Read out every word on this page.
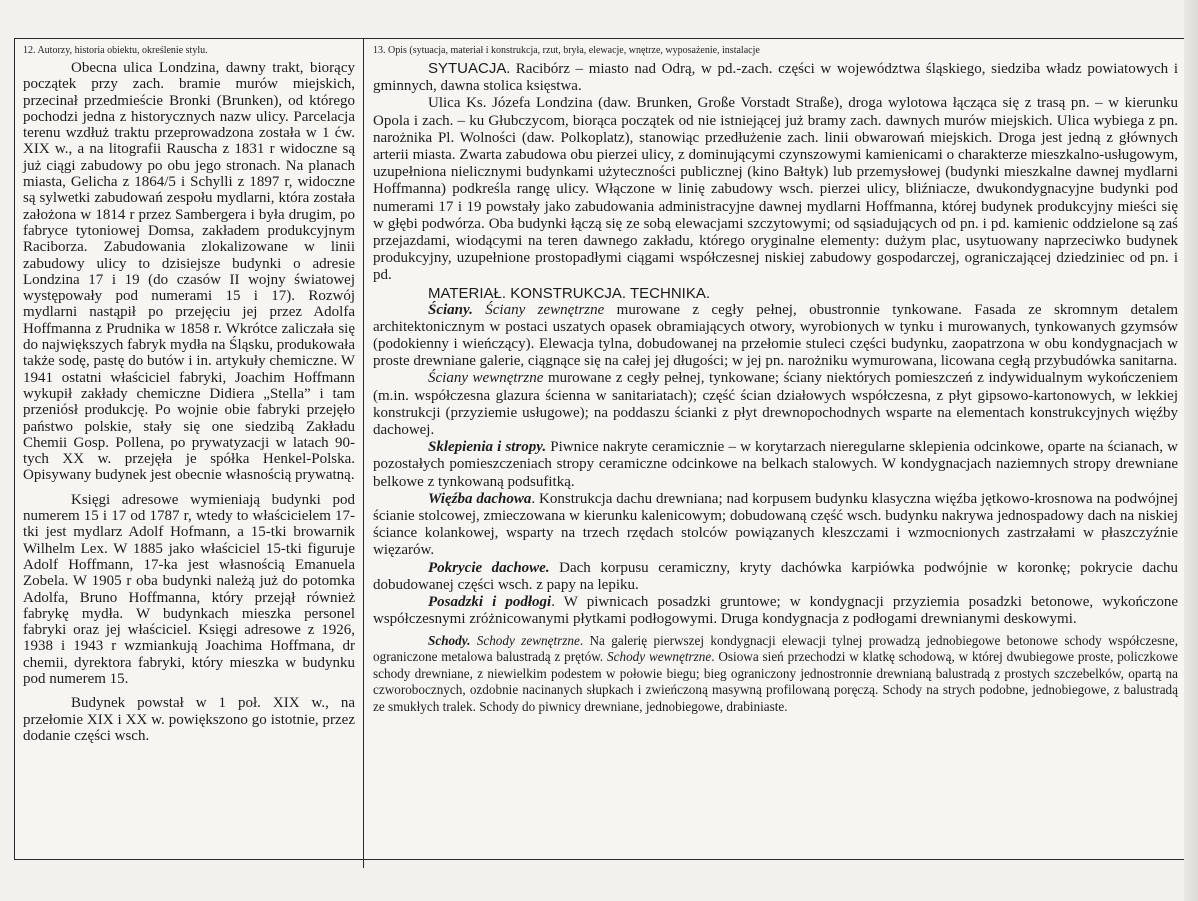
12. Autorzy, historia obiektu, określenie stylu.

Obecna ulica Londzina, dawny trakt, biorący początek przy zach. bramie murów miejskich, przecinał przedmieście Bronki (Brunken), od którego pochodzi jedna z historycznych nazw ulicy. Parcelacja terenu wzdłuż traktu przeprowadzona została w 1 ćw. XIX w., a na litografii Rauscha z 1831 r widoczne są już ciągi zabudowy po obu jego stronach. Na planach miasta, Gelicha z 1864/5 i Schylli z 1897 r, widoczne są sylwetki zabudowań zespołu mydlarni, która została założona w 1814 r przez Sambergera i była drugim, po fabryce tytoniowej Domsa, zakładem produkcyjnym Raciborza. Zabudowania zlokalizowane w linii zabudowy ulicy to dzisiejsze budynki o adresie Londzina 17 i 19 (do czasów II wojny światowej występowały pod numerami 15 i 17). Rozwój mydlarni nastąpił po przejęciu jej przez Adolfa Hoffmanna z Prudnika w 1858 r. Wkrótce zaliczała się do największych fabryk mydła na Śląsku, produkowała także sodę, pastę do butów i in. artykuły chemiczne. W 1941 ostatni właściciel fabryki, Joachim Hoffmann wykupił zakłady chemiczne Didiera „Stella” i tam przeniósł produkcję. Po wojnie obie fabryki przejęło państwo polskie, stały się one siedzibą Zakładu Chemii Gosp. Pollena, po prywatyzacji w latach 90-tych XX w. przejęła je spółka Henkel-Polska. Opisywany budynek jest obecnie własnością prywatną.

Księgi adresowe wymieniają budynki pod numerem 15 i 17 od 1787 r, wtedy to właścicielem 17-tki jest mydlarz Adolf Hofmann, a 15-tki browarnik Wilhelm Lex. W 1885 jako właściciel 15-tki figuruje Adolf Hoffmann, 17-ka jest własnością Emanuela Zobela. W 1905 r oba budynki należą już do potomka Adolfa, Bruno Hoffmanna, który przejął również fabrykę mydła. W budynkach mieszka personel fabryki oraz jej właściciel. Księgi adresowe z 1926, 1938 i 1943 r wzmiankują Joachima Hoffmana, dr chemii, dyrektora fabryki, który mieszka w budynku pod numerem 15.

Budynek powstał w 1 poł. XIX w., na przełomie XIX i XX w. powiększono go istotnie, przez dodanie części wsch.

13. Opis (sytuacja, materiał i konstrukcja, rzut, bryła, elewacje, wnętrze, wyposażenie, instalacje

SYTUACJA. Racibórz – miasto nad Odrą, w pd.-zach. części w województwa śląskiego, siedziba władz powiatowych i gminnych, dawna stolica księstwa.

Ulica Ks. Józefa Londzina (daw. Brunken, Große Vorstadt Straße), droga wylotowa łącząca się z trasą pn. – w kierunku Opola i zach. – ku Głubczycom, biorąca początek od nie istniejącej już bramy zach. dawnych murów miejskich. Ulica wybiega z pn. narożnika Pl. Wolności (daw. Polkoplatz), stanowiąc przedłużenie zach. linii obwarowań miejskich. Droga jest jedną z głównych arterii miasta. Zwarta zabudowa obu pierzei ulicy, z dominującymi czynszowymi kamienicami o charakterze mieszkalno-usługowym, uzupełniona nielicznymi budynkami użyteczności publicznej (kino Bałtyk) lub przemysłowej (budynki mieszkalne dawnej mydlarni Hoffmanna) podkreśla rangę ulicy. Włączone w linię zabudowy wsch. pierzei ulicy, bliźniacze, dwukondygnacyjne budynki pod numerami 17 i 19 powstały jako zabudowania administracyjne dawnej mydlarni Hoffmanna, której budynek produkcyjny mieści się w głębi podwórza. Oba budynki łączą się ze sobą elewacjami szczytowymi; od sąsiadujących od pn. i pd. kamienic oddzielone są zaś przejazdami, wiodącymi na teren dawnego zakładu, którego oryginalne elementy: dużym plac, usytuowany naprzeciwko budynek produkcyjny, uzupełnione prostopadłymi ciągami współczesnej niskiej zabudowy gospodarczej, ograniczającej dziedziniec od pn. i pd.

MATERIAŁ. KONSTRUKCJA. TECHNIKA.

Ściany. Ściany zewnętrzne murowane z cegły pełnej, obustronnie tynkowane. Fasada ze skromnym detalem architektonicznym w postaci uszatych opasek obramiających otwory, wyrobionych w tynku i murowanych, tynkowanych gzymsów (podokienny i wieńczący). Elewacja tylna, dobudowanej na przełomie stuleci części budynku, zaopatrzona w obu kondygnacjach w proste drewniane galerie, ciągnące się na całej jej długości; w jej pn. narożniku wymurowana, licowana cegłą przybudówka sanitarna.

Ściany wewnętrzne murowane z cegły pełnej, tynkowane; ściany niektórych pomieszczeń z indywidualnym wykończeniem (m.in. współczesna glazura ścienna w sanitariatach); część ścian działowych współczesna, z płyt gipsowo-kartonowych, w lekkiej konstrukcji (przyziemie usługowe); na poddaszu ścianki z płyt drewnopochodnych wsparte na elementach konstrukcyjnych więźby dachowej.

Sklepienia i stropy. Piwnice nakryte ceramicznie – w korytarzach nieregularne sklepienia odcinkowe, oparte na ścianach, w pozostałych pomieszczeniach stropy ceramiczne odcinkowe na belkach stalowych. W kondygnacjach naziemnych stropy drewniane belkowe z tynkowaną podsufitką.

Więźba dachowa. Konstrukcja dachu drewniana; nad korpusem budynku klasyczna więźba jętkowo-krosnowa na podwójnej ścianie stolcowej, zmieczowana w kierunku kalenicowym; dobudowaną część wsch. budynku nakrywa jednospadowy dach na niskiej ściance kolankowej, wsparty na trzech rzędach stolców powiązanych kleszczami i wzmocnionych zastrzałami w płaszczyźnie więzarów.

Pokrycie dachowe. Dach korpusu ceramiczny, kryty dachówka karpiówka podwójnie w koronkę; pokrycie dachu dobudowanej części wsch. z papy na lepiku.

Posadzki i podłogi. W piwnicach posadzki gruntowe; w kondygnacji przyziemia posadzki betonowe, wykończone współczesnymi zróżnicowanymi płytkami podłogowymi. Druga kondygnacja z podłogami drewnianymi deskowymi.

Schody. Schody zewnętrzne. Na galerię pierwszej kondygnacji elewacji tylnej prowadzą jednobiegowe betonowe schody współczesne, ograniczone metalowa balustradą z prętów. Schody wewnętrzne. Osiowa sień przechodzi w klatkę schodową, w której dwubiegowe proste, policzkowe schody drewniane, z niewielkim podestem w połowie biegu; bieg ograniczony jednostronnie drewnianą balustradą z prostych szczebelków, opartą na czworobocznych, ozdobnie nacinanych słupkach i zwieńczoną masywną profilowaną poręczą. Schody na strych podobne, jednobiegowe, z balustradą ze smukłych tralek. Schody do piwnicy drewniane, jednobiegowe, drabiniaste.
